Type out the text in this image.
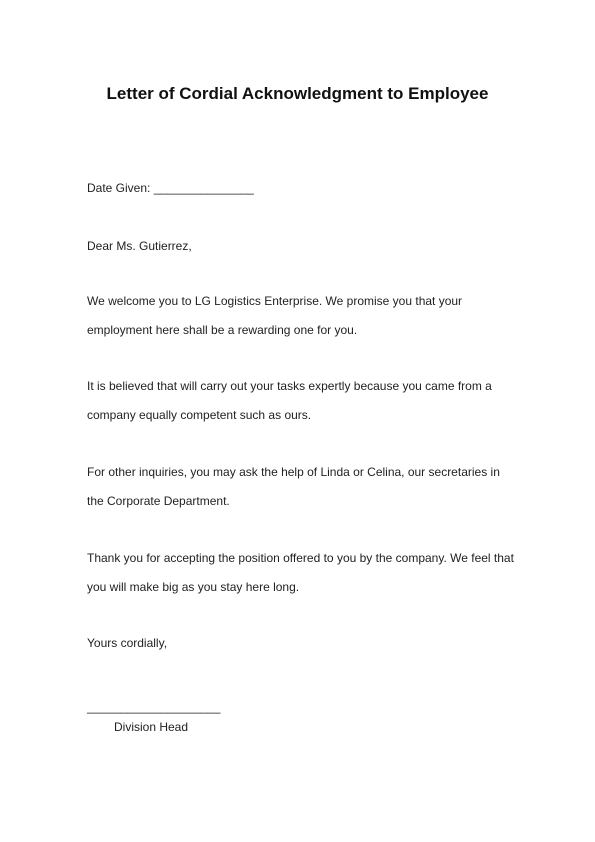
Letter of Cordial Acknowledgment to Employee
Date Given: _______________
Dear Ms. Gutierrez,
We welcome you to LG Logistics Enterprise. We promise you that your
employment here shall be a rewarding one for you.
It is believed that will carry out your tasks expertly because you came from a
company equally competent such as ours.
For other inquiries, you may ask the help of Linda or Celina, our secretaries in
the Corporate Department.
Thank you for accepting the position offered to you by the company. We feel that
you will make big as you stay here long.
Yours cordially,
____________________
Division Head
